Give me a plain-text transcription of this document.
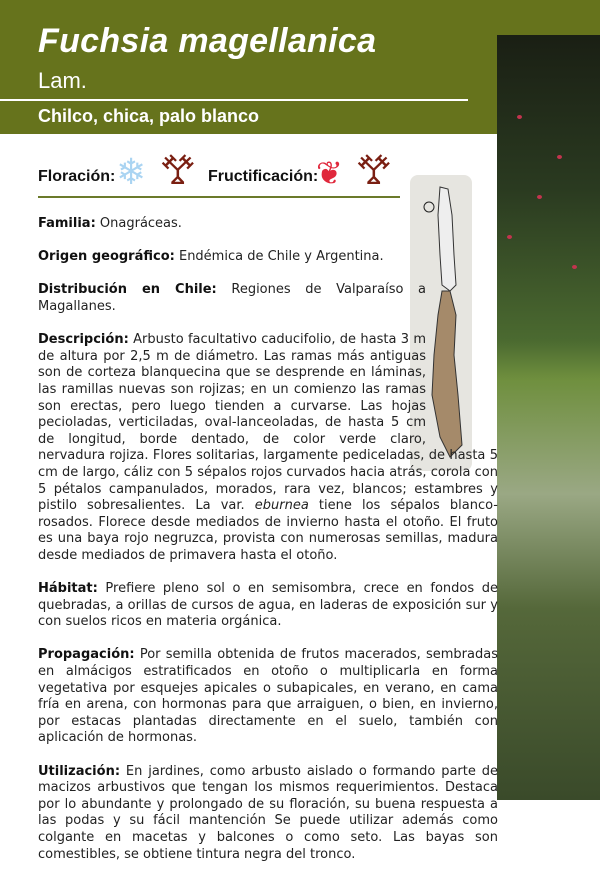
Fuchsia magellanica
Lam.
Chilco, chica, palo blanco
Floración: ❄ 𐂷 Fructificación:
❦ 𐂷

Familia: Onagráceas.

Origen geográfico: Endémica de Chile y Argentina.

Distribución en Chile: Regiones de Valparaíso a Magallanes.

Descripción: Arbusto facultativo caducifolio, de hasta 3 m de altura por 2,5 m de diámetro. Las ramas más antiguas son de corteza blanquecina que se desprende en láminas, las ramillas nuevas son rojizas; en un comienzo las ramas son erectas, pero luego tienden a curvarse. Las hojas pecioladas, verticiladas, oval-lanceoladas, de hasta 5 cm de longitud, borde dentado, de color verde claro, nervadura rojiza. Flores solitarias, largamente pediceladas, de hasta 5 cm de largo, cáliz con 5 sépalos rojos curvados hacia atrás, corola con 5 pétalos campanulados, morados, rara vez, blancos; estambres y pistilo sobresalientes. La var. eburnea tiene los sépalos blanco-rosados. Florece desde mediados de invierno hasta el otoño. El fruto es una baya rojo negruzca, provista con numerosas semillas, madura desde mediados de primavera hasta el otoño.

Hábitat: Prefiere pleno sol o en semisombra, crece en fondos de quebradas, a orillas de cursos de agua, en laderas de exposición sur y con suelos ricos en materia orgánica.

Propagación: Por semilla obtenida de frutos macerados, sembradas en almácigos estratificados en otoño o multiplicarla en forma vegetativa por esquejes apicales o subapicales, en verano, en cama fría en arena, con hormonas para que arraiguen, o bien, en invierno, por estacas plantadas directamente en el suelo, también con aplicación de hormonas.

Utilización: En jardines, como arbusto aislado o formando parte de macizos arbustivos que tengan los mismos requerimientos. Destaca por lo abundante y prolongado de su floración, su buena respuesta a las podas y su fácil mantención Se puede utilizar además como colgante en macetas y balcones o como seto. Las bayas son comestibles, se obtiene tintura negra del tronco.
